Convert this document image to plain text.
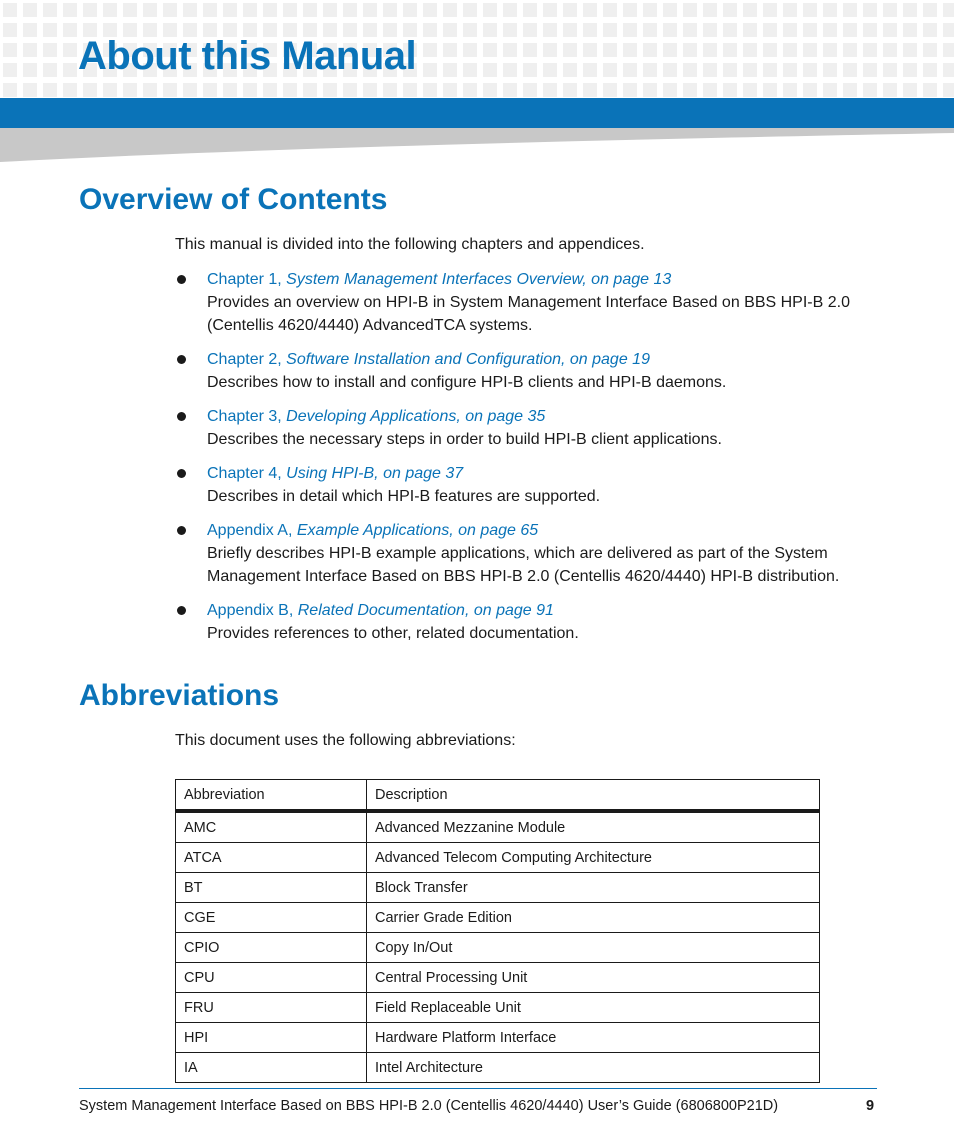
About this Manual
Overview of Contents

This manual is divided into the following chapters and appendices.

Chapter 1, System Management Interfaces Overview, on page 13
Provides an overview on HPI-B in System Management Interface Based on BBS HPI-B 2.0 (Centellis 4620/4440) AdvancedTCA systems.
Chapter 2, Software Installation and Configuration, on page 19
Describes how to install and configure HPI-B clients and HPI-B daemons.
Chapter 3, Developing Applications, on page 35
Describes the necessary steps in order to build HPI-B client applications.
Chapter 4, Using HPI-B, on page 37
Describes in detail which HPI-B features are supported.
Appendix A, Example Applications, on page 65
Briefly describes HPI-B example applications, which are delivered as part of the System Management Interface Based on BBS HPI-B 2.0 (Centellis 4620/4440) HPI-B distribution.
Appendix B, Related Documentation, on page 91
Provides references to other, related documentation.
Abbreviations

This document uses the following abbreviations:

Abbreviation	Description
AMC	Advanced Mezzanine Module
ATCA	Advanced Telecom Computing Architecture
BT	Block Transfer
CGE	Carrier Grade Edition
CPIO	Copy In/Out
CPU	Central Processing Unit
FRU	Field Replaceable Unit
HPI	Hardware Platform Interface
IA	Intel Architecture
System Management Interface Based on BBS HPI-B 2.0 (Centellis 4620/4440) User’s Guide (6806800P21D)	9
